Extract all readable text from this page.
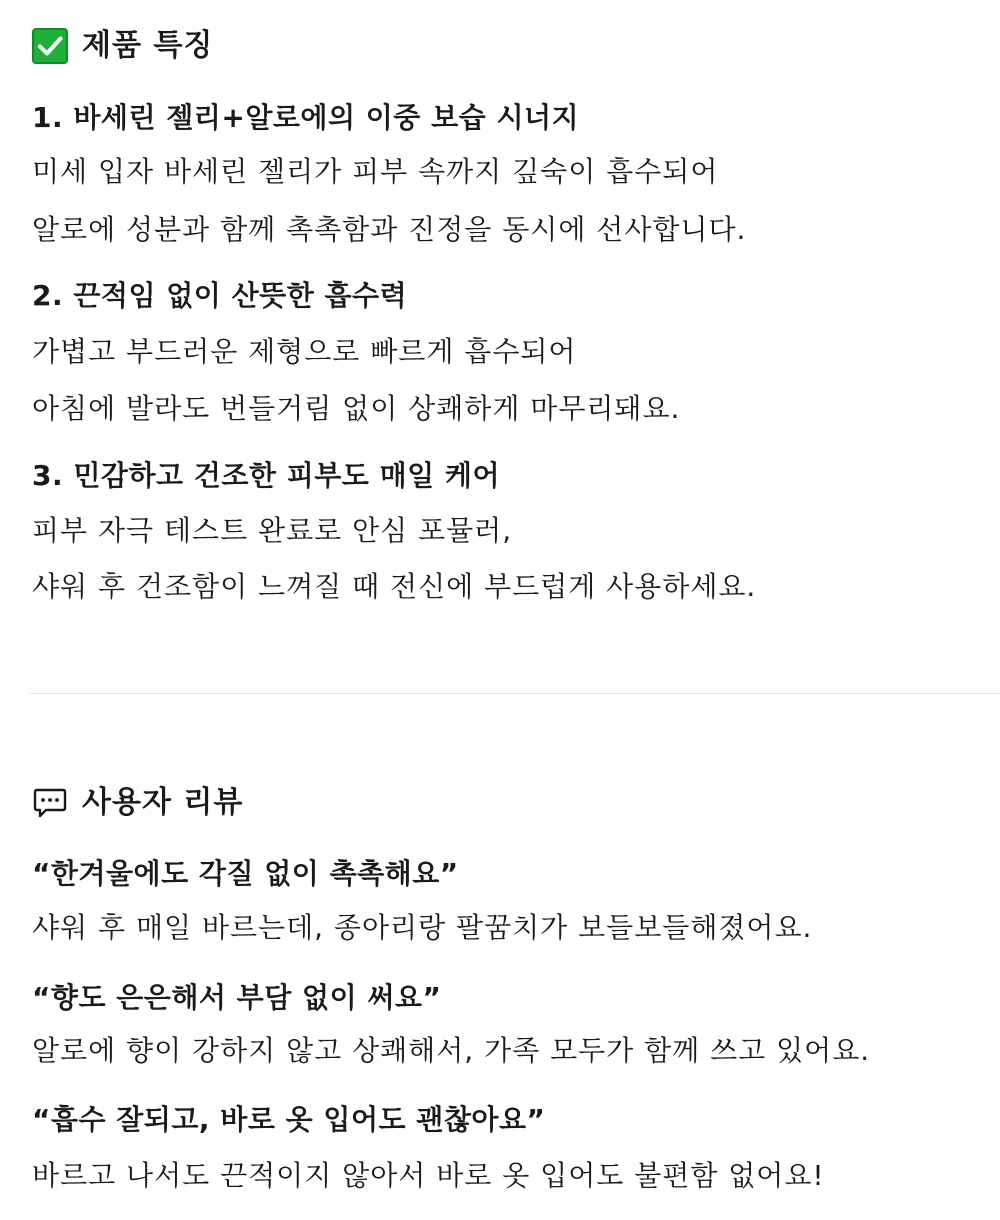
제품 특징
1. 바세린 젤리+알로에의 이중 보습 시너지
미세 입자 바세린 젤리가 피부 속까지 깊숙이 흡수되어
알로에 성분과 함께 촉촉함과 진정을 동시에 선사합니다.
2. 끈적임 없이 산뜻한 흡수력
가볍고 부드러운 제형으로 빠르게 흡수되어
아침에 발라도 번들거림 없이 상쾌하게 마무리돼요.
3. 민감하고 건조한 피부도 매일 케어
피부 자극 테스트 완료로 안심 포뮬러,
샤워 후 건조함이 느껴질 때 전신에 부드럽게 사용하세요.
사용자 리뷰
“한겨울에도 각질 없이 촉촉해요”
샤워 후 매일 바르는데, 종아리랑 팔꿈치가 보들보들해졌어요.
“향도 은은해서 부담 없이 써요”
알로에 향이 강하지 않고 상쾌해서, 가족 모두가 함께 쓰고 있어요.
“흡수 잘되고, 바로 옷 입어도 괜찮아요”
바르고 나서도 끈적이지 않아서 바로 옷 입어도 불편함 없어요!
